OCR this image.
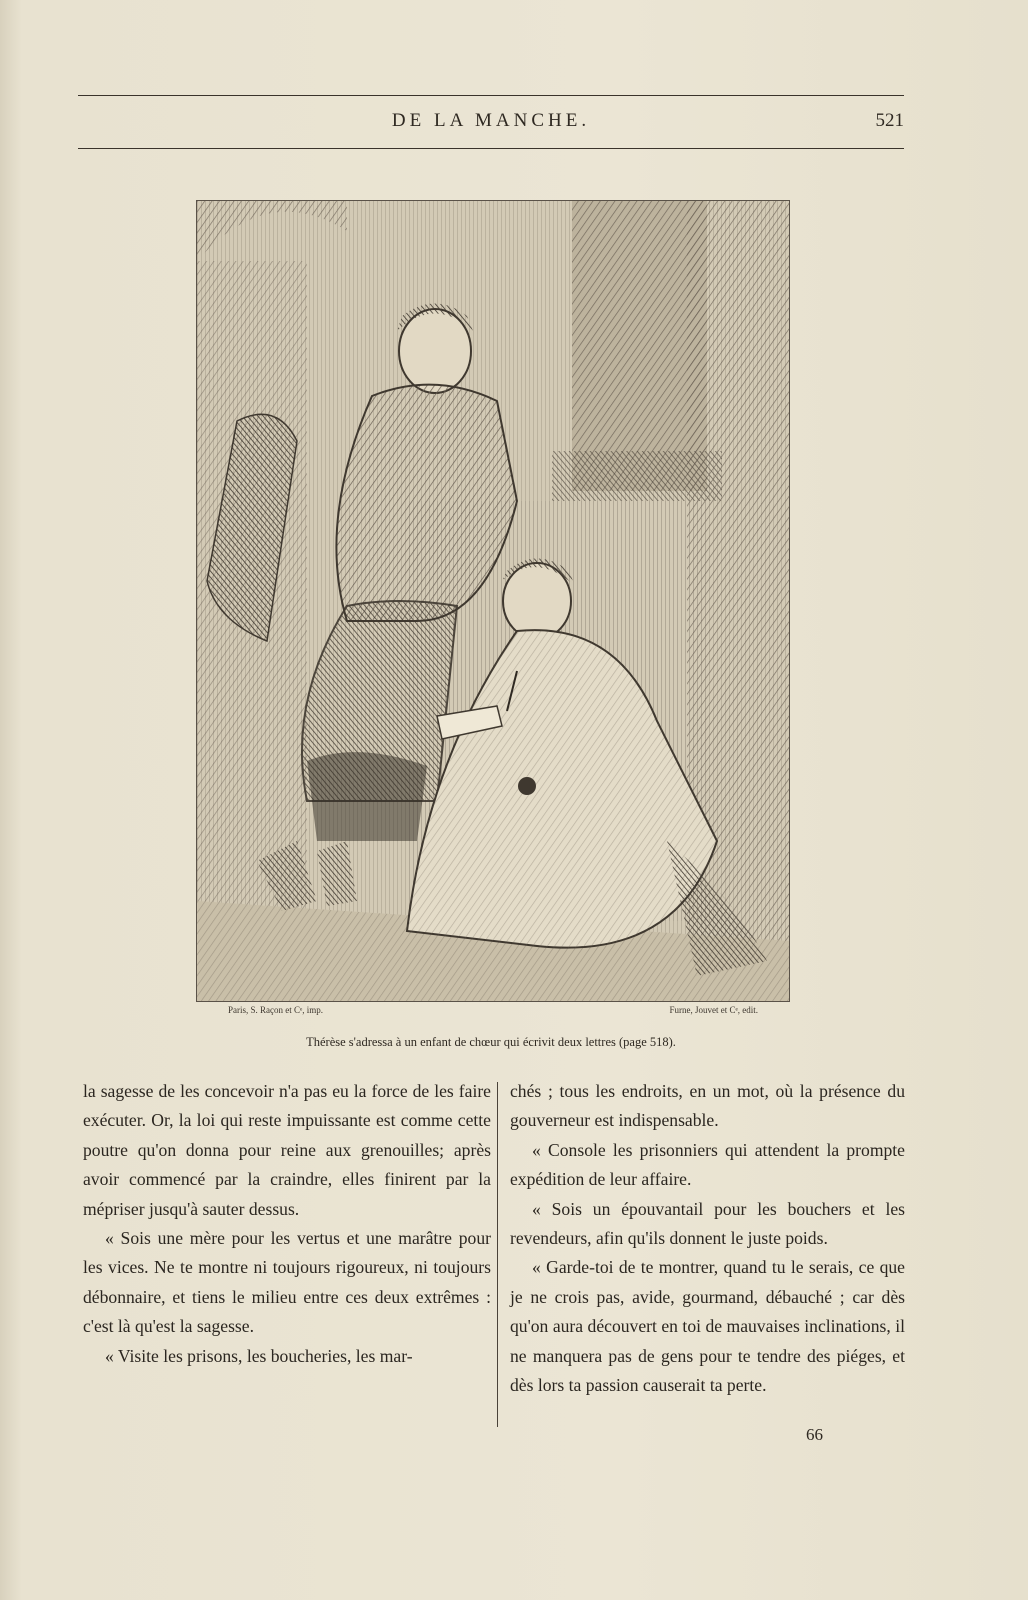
DE LA MANCHE.	521
Paris, S. Raçon et Cᵉ, imp.	Furne, Jouvet et Cᵉ, edit.
Thérèse s'adressa à un enfant de chœur qui écrivit deux lettres (page 518).

la sagesse de les concevoir n'a pas eu la force de les faire exécuter. Or, la loi qui reste impuissante est comme cette poutre qu'on donna pour reine aux grenouilles; après avoir commencé par la craindre, elles finirent par la mépriser jusqu'à sauter dessus.

« Sois une mère pour les vertus et une marâtre pour les vices. Ne te montre ni toujours rigoureux, ni toujours débonnaire, et tiens le milieu entre ces deux extrêmes : c'est là qu'est la sagesse.

« Visite les prisons, les boucheries, les mar-

chés ; tous les endroits, en un mot, où la présence du gouverneur est indispensable.

« Console les prisonniers qui attendent la prompte expédition de leur affaire.

« Sois un épouvantail pour les bouchers et les revendeurs, afin qu'ils donnent le juste poids.

« Garde-toi de te montrer, quand tu le serais, ce que je ne crois pas, avide, gourmand, débauché ; car dès qu'on aura découvert en toi de mauvaises inclinations, il ne manquera pas de gens pour te tendre des piéges, et dès lors ta passion causerait ta perte.

66
